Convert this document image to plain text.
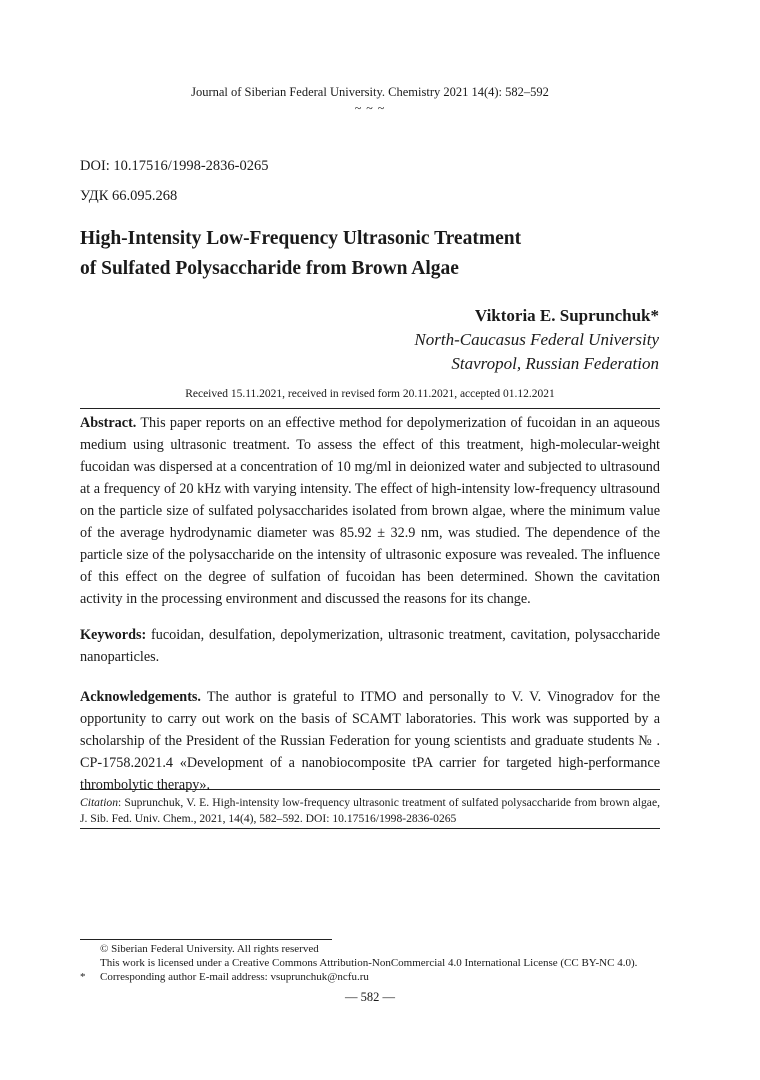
Journal of Siberian Federal University. Chemistry 2021 14(4): 582–592
~ ~ ~
DOI: 10.17516/1998-2836-0265
УДК 66.095.268
High-Intensity Low-Frequency Ultrasonic Treatment
of Sulfated Polysaccharide from Brown Algae
Viktoria E. Suprunchuk*
North-Caucasus Federal University
Stavropol, Russian Federation
Received 15.11.2021, received in revised form 20.11.2021, accepted 01.12.2021
Abstract. This paper reports on an effective method for depolymerization of fucoidan in an aqueous medium using ultrasonic treatment. To assess the effect of this treatment, high-molecular-weight fucoidan was dispersed at a concentration of 10 mg/ml in deionized water and subjected to ultrasound at a frequency of 20 kHz with varying intensity. The effect of high-intensity low-frequency ultrasound on the particle size of sulfated polysaccharides isolated from brown algae, where the minimum value of the average hydrodynamic diameter was 85.92 ± 32.9 nm, was studied. The dependence of the particle size of the polysaccharide on the intensity of ultrasonic exposure was revealed. The influence of this effect on the degree of sulfation of fucoidan has been determined. Shown the cavitation activity in the processing environment and discussed the reasons for its change.
Keywords: fucoidan, desulfation, depolymerization, ultrasonic treatment, cavitation, polysaccharide nanoparticles.
Acknowledgements. The author is grateful to ITMO and personally to V. V. Vinogradov for the opportunity to carry out work on the basis of SCAMT laboratories. This work was supported by a scholarship of the President of the Russian Federation for young scientists and graduate students № . СР-1758.2021.4 «Development of a nanobiocomposite tPA carrier for targeted high-performance thrombolytic therapy».
Citation: Suprunchuk, V. E. High-intensity low-frequency ultrasonic treatment of sulfated polysaccharide from brown algae, J. Sib. Fed. Univ. Chem., 2021, 14(4), 582–592. DOI: 10.17516/1998-2836-0265
© Siberian Federal University. All rights reserved
This work is licensed under a Creative Commons Attribution-NonCommercial 4.0 International License (CC BY-NC 4.0).
* Corresponding author E-mail address: vsuprunchuk@ncfu.ru
— 582 —
